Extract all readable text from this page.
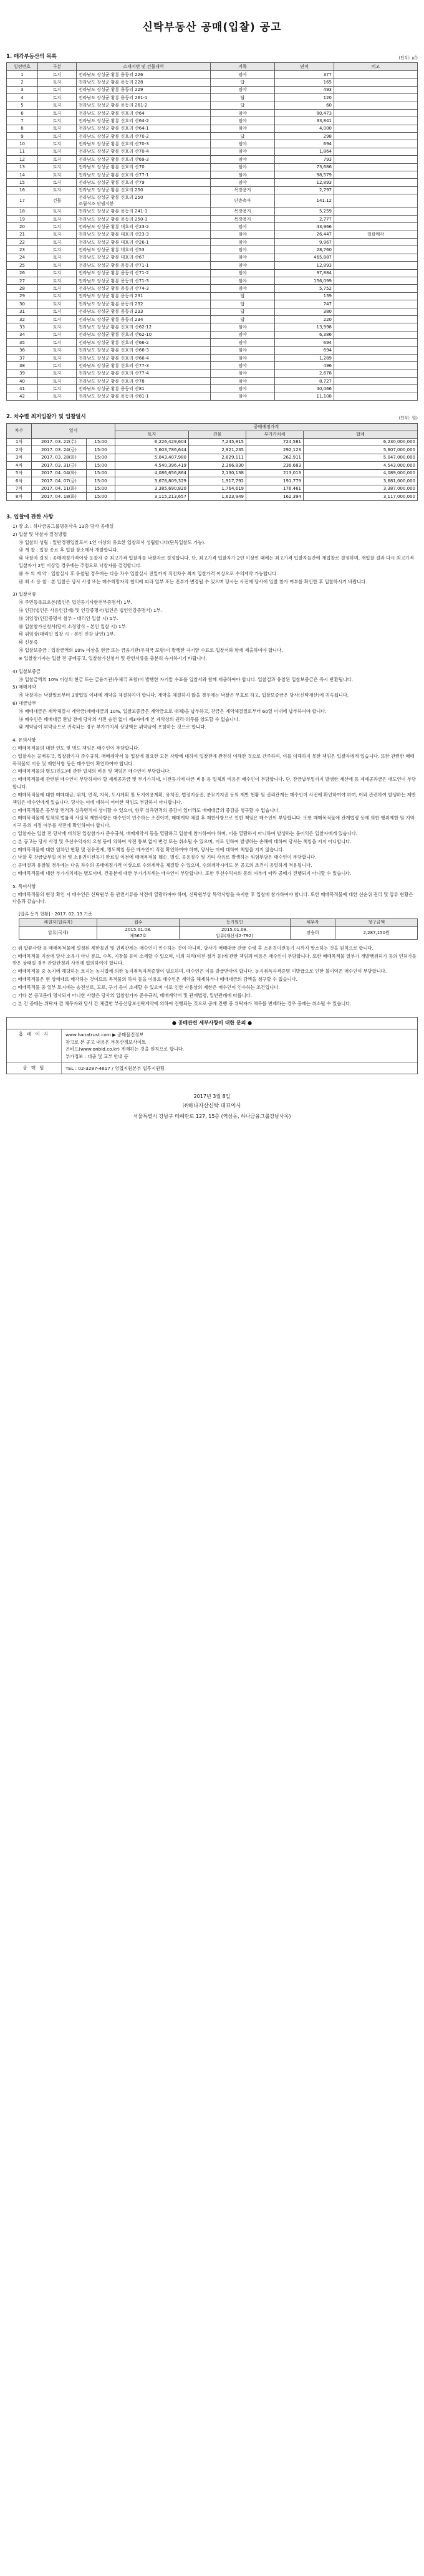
신탁부동산 공매(입찰) 공고
1. 매각부동산의 목록	(단위: ㎡)
일련번호	구분	소재지번 및 건물내역	지목	면적	비고
1	토지	전라남도 장성군 황룡 용동리 226	임야	377	
2	토지	전라남도 장성군 황룡 용동리 228	답	165	
3	토지	전라남도 장성군 황룡 용동리 229	임야	493	
4	토지	전라남도 장성군 황룡 용동리 261-1	답	120	
5	토지	전라남도 장성군 황룡 용동리 261-2	답	60	
6	토지	전라남도 장성군 황룡 신호리 산64	임야	80,473	
7	토지	전라남도 장성군 황룡 신호리 산64-2	임야	33,841	
8	토지	전라남도 장성군 황룡 신호리 산64-1	임야	4,000	
9	토지	전라남도 장성군 황룡 신호리 산70-2	답	298	
10	토지	전라남도 장성군 황룡 신호리 산70-3	임야	694	
11	토지	전라남도 장성군 황룡 신호리 산70-4	임야	1,864	
12	토지	전라남도 장성군 황룡 신호리 산69-3	임야	793	
13	토지	전라남도 장성군 황룡 신호리 산70	임야	73,686	
14	토지	전라남도 장성군 황룡 신호리 산77-1	임야	98,579	
15	토지	전라남도 장성군 황룡 신호리 산79	임야	12,893	
16	토지	전라남도 장성군 황룡 신호리 250	목장용지	2,797	
17	건물	전라남도 장성군 황룡 신호리 250
조립식조 판넬지붕	단층축사	141.12	
18	토지	전라남도 장성군 황룡 용동리 241-1	목장용지	5,259	
19	토지	전라남도 장성군 황룡 용동리 250-1	목장용지	2,777	
20	토지	전라남도 장성군 황룡 대호리 산23-2	임야	43,966	
21	토지	전라남도 장성군 황룡 대호리 산23-3	임야	26,447	일괄매각
22	토지	전라남도 장성군 황룡 대호리 산26-1	임야	9,967	
23	토지	전라남도 장성군 황룡 대호리 산53	임야	28,760	
24	토지	전라남도 장성군 황룡 대호리 산67	임야	465,887	
25	토지	전라남도 장성군 황룡 용동리 산71-1	임야	12,893	
26	토지	전라남도 장성군 황룡 용동리 산71-2	임야	97,884	
27	토지	전라남도 장성군 황룡 용동리 산71-3	임야	156,099	
28	토지	전라남도 장성군 황룡 용동리 산74-3	임야	5,752	
29	토지	전라남도 장성군 황룡 용동리 231	답	139	
30	토지	전라남도 장성군 황룡 용동리 232	답	747	
31	토지	전라남도 장성군 황룡 용동리 233	답	380	
32	토지	전라남도 장성군 황룡 용동리 234	답	220	
33	토지	전라남도 장성군 황룡 신호리 산62-12	임야	13,998	
34	토지	전라남도 장성군 황룡 신호리 산62-10	임야	6,386	
35	토지	전라남도 장성군 황룡 신호리 산66-2	임야	694	
36	토지	전라남도 장성군 황룡 신호리 산66-3	임야	694	
37	토지	전라남도 장성군 황룡 신호리 산66-4	임야	1,289	
38	토지	전라남도 장성군 황룡 신호리 산77-3	임야	496	
39	토지	전라남도 장성군 황룡 신호리 산77-4	임야	2,678	
40	토지	전라남도 장성군 황룡 신호리 산78	임야	8,727	
41	토지	전라남도 장성군 황룡 용동리 산81	임야	40,066	
42	토지	전라남도 장성군 황룡 용동리 산81-1	임야	11,108	
2. 차수별 최저입찰가 및 입찰일시	(단위: 원)
차수	일시		공매예정가격			
			토지	건물	부가가치세	합계
1차	2017. 03. 22(수)	15:00	6,226,429,604	7,245,815	724,581	6,230,000,000
2차	2017. 03. 24(금)	15:00	5,603,786,644	2,921,235	292,123	5,607,000,000
3차	2017. 03. 28(화)	15:00	5,043,407,980	2,629,111	262,911	5,047,000,000
4차	2017. 03. 31(금)	15:00	4,540,396,419	2,366,830	236,683	4,543,000,000
5차	2017. 04. 04(화)	15:00	4,086,656,864	2,130,138	213,013	4,089,000,000
6차	2017. 04. 07(금)	15:00	3,678,809,329	1,917,792	191,779	3,681,000,000
7차	2017. 04. 11(화)	15:00	3,385,690,820	1,764,619	176,461	3,387,000,000
8차	2017. 04. 18(화)	15:00	3,115,213,657	1,623,949	162,394	3,117,000,000
3. 입찰에 관한 사항

1) 장 소 : 하나금융그룹명동사옥 13층 당사 공매실

2) 입찰 및 낙찰자 결정방법

㉮ 입찰의 성립 : 일반경쟁입찰로서 1인 이상의 유효한 입찰로서 성립합니다(단독입찰도 가능).

㉯ 개 찰 : 입찰 종료 후 입찰 장소에서 개찰합니다.

㉰ 낙찰자 결정 : 공매예정가격이상 응찰자 중 최고가격 입찰자를 낙찰자로 결정합니다. 단, 최고가격 입찰자가 2인 이상인 때에는 최고가격 입찰자들간에 재입찰로 결정하며, 재입찰 결과 다시 최고가격 입찰자가 2인 이상일 경우에는 추첨으로 낙찰자를 결정합니다.

㉱ 수 의 계 약 : 입찰실시 후 유찰될 경우에는 다음 차수 입찰실시 전일까지 직전차수 최저 입찰가격 이상으로 수의계약 가능합니다.

㉲ 최 소 응 찰 : 본 입찰은 당사 사정 또는 매수희망자의 협의에 따라 일부 또는 전부가 변경될 수 있으며 당사는 사전에 당사에 입찰 참가 여부를 확인한 후 입찰하시기 바랍니다.

3) 입찰서류

㉮ 주민등록표초본(법인은 법인등기사항전부증명서) 1부.

㉯ 인감(법인은 사용인감계) 및 인감증명서(법인은 법인인감증명서) 1부.

㉰ 위임장(인감증명서 첨부 – 대리인 입찰 시) 1부.

㉱ 입찰참가신청서(당사 소정양식 – 본인 입찰 시) 1부.

㉲ 위임장(대리인 입찰 시 – 본인 인감 날인) 1부.

㉳ 신분증

㉴ 입찰보증금 : 입찰금액의 10% 이상을 현금 또는 금융기관(우체국 포함)이 발행한 자기앞 수표로 입찰서와 함께 제출하여야 합니다.

※ 입찰참가자는 입찰 전 공매공고, 입찰참가신청서 및 관련서류를 충분히 숙지하시기 바랍니다.

4) 입찰보증금

㉮ 입찰금액의 10% 이상의 현금 또는 금융기관(우체국 포함)이 발행한 자기앞 수표를 입찰서와 함께 제출하여야 합니다. 입찰결과 유찰된 입찰보증금은 즉시 반환됩니다.

5) 매매계약

㉮ 낙찰자는 낙찰일로부터 3영업일 이내에 계약을 체결하여야 합니다. 계약을 체결하지 않을 경우에는 낙찰은 무효로 하고, 입찰보증금은 당사(신탁재산)에 귀속됩니다.

6) 대금납부

㉮ 매매대금은 계약체결시 계약금(매매대금의 10%, 입찰보증금은 계약금으로 대체)을 납부하고, 잔금은 계약체결일로부터 60일 이내에 납부하여야 합니다.

㉯ 매수인은 매매대금 완납 전에 당사의 사전 승인 없이 제3자에게 본 계약상의 권리·의무를 양도할 수 없습니다.

㉰ 계약금이 위약금으로 귀속되는 경우 부가가치세 상당액은 위약금에 포함하는 것으로 합니다.

4. 유의사항

○ 매매목적물의 대한 인도 및 명도 책임은 매수인이 부담합니다.

○ 입찰자는 공매공고, 입찰참가자 준수규칙, 매매계약서 등 입찰에 필요한 모든 사항에 대하여 입찰전에 완전히 이해한 것으로 간주하며, 이를 이해하지 못한 책임은 입찰자에게 있습니다. 또한 관련한 매매목적물의 이용 및 제한사항 등은 매수인이 확인하여야 합니다.

○ 매매목적물의 명도(인도)에 관한 일체의 비용 및 책임은 매수인이 부담합니다.

○ 매매목적물에 관련된 매수인이 부담하여야 할 제세공과금 및 부가가치세, 이전등기에 따른 비용 등 일체의 비용은 매수인이 부담합니다. 단, 잔금납부일까지 발생한 재산세 등 제세공과금은 매도인이 부담합니다.

○ 매매목적물에 대한 매매대금, 위치, 면적, 지목, 도시계획 및 토지이용계획, 유치권, 법정지상권, 분묘기지권 등의 제반 현황 및 권리관계는 매수인이 사전에 확인하여야 하며, 이와 관련하여 발생하는 제반 책임은 매수인에게 있습니다. 당사는 이에 대하여 어떠한 책임도 부담하지 아니합니다.

○ 매매목적물은 공부상 면적과 실측면적이 상이할 수 있으며, 향후 실측면적의 증감이 있더라도 매매대금의 증감을 청구할 수 없습니다.

○ 매매목적물에 일체의 법률적 사실적 제한사항은 매수인이 인수하는 조건이며, 매매계약 체결 후 제한사항으로 인한 책임은 매수인이 부담합니다. 또한 매매목적물에 관계법령 등에 의한 행위제한 및 지역·지구 등의 지정 여부를 사전에 확인하여야 합니다.

○ 입찰자는 입찰 전 당사에 비치된 입찰참가자 준수규칙, 매매계약서 등을 열람하고 입찰에 참가하여야 하며, 이를 열람하지 아니하여 발생하는 불이익은 입찰자에게 있습니다.

○ 본 공고는 당사 사정 및 우선수익자의 요청 등에 의하여 사전 통보 없이 변경 또는 취소될 수 있으며, 이로 인하여 발생하는 손해에 대하여 당사는 책임을 지지 아니합니다.

○ 매매목적물에 대한 임차인 현황 및 점유관계, 명도책임 등은 매수인이 직접 확인하여야 하며, 당사는 이에 대하여 책임을 지지 않습니다.

○ 낙찰 후 잔금납부일 이전 및 소유권이전등기 완료일 이전에 매매목적물 훼손, 멸실, 공용징수 및 기타 사유로 발생하는 위험부담은 매수인이 부담합니다.

○ 공매결과 유찰될 경우에는 다음 차수의 공매예정가격 이상으로 수의계약을 체결할 수 있으며, 수의계약시에도 본 공고의 조건이 동일하게 적용됩니다.

○ 매매목적물에 대한 부가가치세는 별도이며, 건물분에 대한 부가가치세는 매수인이 부담합니다. 또한 우선수익자의 동의 여부에 따라 공매가 진행되지 아니할 수 있습니다.

5. 특이사항

○ 매매목적물의 현장 확인 시 매수인은 신탁원부 등 관련서류를 사전에 열람하여야 하며, 신탁원부상 특약사항을 숙지한 후 입찰에 참가하여야 합니다. 또한 매매목적물에 대한 선순위 권리 및 압류 현황은 다음과 같습니다.

[압류 등기 현황] - 2017. 02. 13 기준
채권자(압류자)	접수	등기원인	채무자	청구금액
압류(국세)	2015.01.08.
제567호	2015.01.08.
압류(재산세2-792)	장승희	2,287,150원

○ 위 압류사항 등 매매목적물에 설정된 제한물권 및 권리관계는 매수인이 인수하는 것이 아니며, 당사가 매매대금 잔금 수령 후 소유권이전등기 시까지 말소하는 것을 원칙으로 합니다.

○ 매매목적물 지상에 당사 소유가 아닌 분묘, 수목, 지장물 등이 소재할 수 있으며, 이의 처리(이전·철거 등)에 관한 책임과 비용은 매수인이 부담합니다. 또한 매매목적물 일부가 개발행위허가 등의 인허가를 받은 상태일 경우 관할관청과 사전에 협의하여야 합니다.

○ 매매목적물 중 농지에 해당하는 토지는 농지법에 의한 농지취득자격증명이 필요하며, 매수인은 이를 발급받아야 합니다. 농지취득자격증명 미발급으로 인한 불이익은 매수인이 부담합니다.

○ 매매목적물은 현 상태대로 매각하는 것이므로 목적물의 하자 등을 이유로 매수인은 계약을 해제하거나 매매대금의 감액을 청구할 수 없습니다.

○ 매매목적물 중 일부 토지에는 송전선로, 도로, 구거 등이 소재할 수 있으며 이로 인한 사용상의 제한은 매수인이 인수하는 조건입니다.

○ 기타 본 공고문에 명시되지 아니한 사항은 당사의 입찰참가자 준수규칙, 매매계약서 및 관계법령, 일반관례에 따릅니다.

○ 본 건 공매는 위탁자 겸 채무자와 당사 간 체결한 부동산담보신탁계약에 의하여 진행되는 것으로 공매 진행 중 위탁자가 채무를 변제하는 경우 공매는 취소될 수 있습니다.

● 공매관련 세부사항이 대한 문의 ●
홈 페 이 지	www.hanatrust.com ▶ 공매물건정보
참고로 본 공고 내용은 부동산정보사이트
온비드(www.onbid.co.kr) 게재하는 것을 원칙으로 합니다.
부가정보 : 대출 및 교부 안내 등
공 매 팀	TEL : 02-3287-4617 / 영업지원본부 법무지원팀
2017년 3월 8일
㈜하나자산신탁 대표이사
서울특별시 강남구 테헤란로 127, 15층 (역삼동, 하나금융그룹강남사옥)
